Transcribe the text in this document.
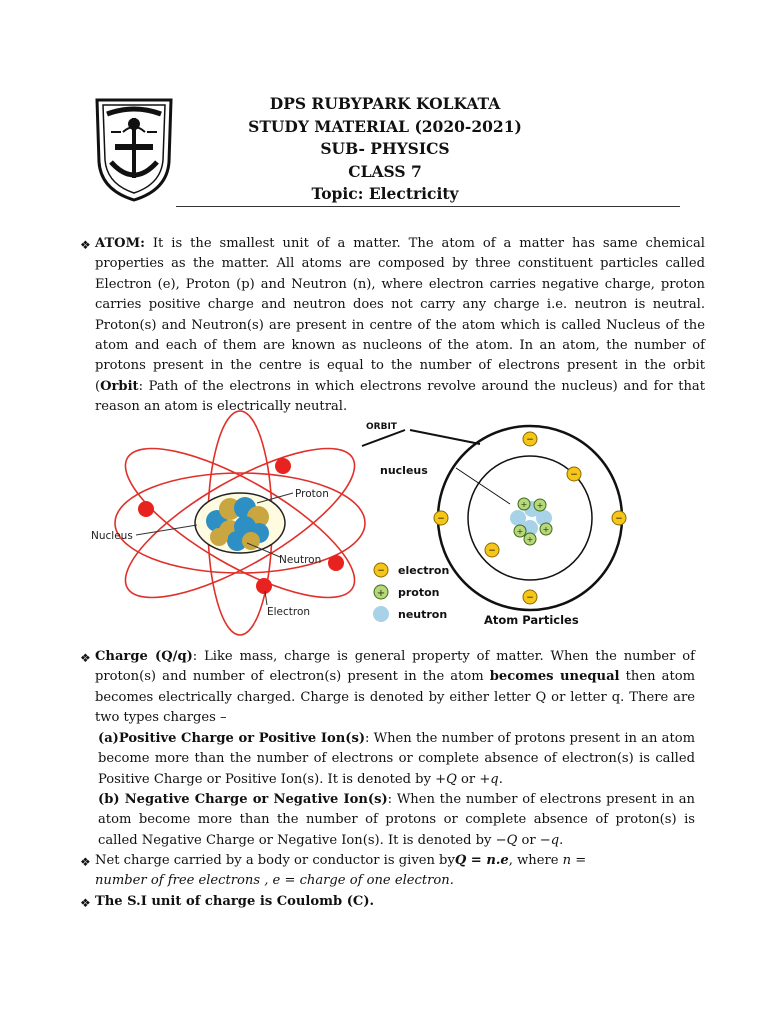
DPS RUBYPARK KOLKATA
STUDY MATERIAL (2020-2021)
SUB- PHYSICS
CLASS 7
Topic: Electricity
❖ ATOM: It is the smallest unit of a matter. The atom of a matter has same chemical properties as the matter. All atoms are composed by three constituent particles called Electron (e), Proton (p) and Neutron (n), where electron carries negative charge, proton carries positive charge and neutron does not carry any charge i.e. neutron is neutral. Proton(s) and Neutron(s) are present in centre of the atom which is called Nucleus of the atom and each of them are known as nucleons of the atom. In an atom, the number of protons present in the centre is equal to the number of electrons present in the orbit (Orbit: Path of the electrons in which electrons revolve around the nucleus) and for that reason an atom is electrically neutral.
Proton
Nucleus
Neutron
Electron
ORBIT
nucleus
+ +
+
+
+
−
−	−
−
−
−
− electron
+ proton
neutron	Atom Particles
❖ Charge (Q/q): Like mass, charge is general property of matter. When the number of proton(s) and number of electron(s) present in the atom becomes unequal then atom becomes electrically charged. Charge is denoted by either letter Q or letter q. There are two types charges –
(a)Positive Charge or Positive Ion(s): When the number of protons present in an atom become more than the number of electrons or complete absence of electron(s) is called Positive Charge or Positive Ion(s). It is denoted by +Q or +q.
(b) Negative Charge or Negative Ion(s): When the number of electrons present in an atom become more than the number of protons or complete absence of proton(s) is called Negative Charge or Negative Ion(s). It is denoted by −Q or −q.
❖ Net charge carried by a body or conductor is given byQ = n.e, where n =
number of free electrons , e = charge of one electron.
❖ The S.I unit of charge is Coulomb (C).
